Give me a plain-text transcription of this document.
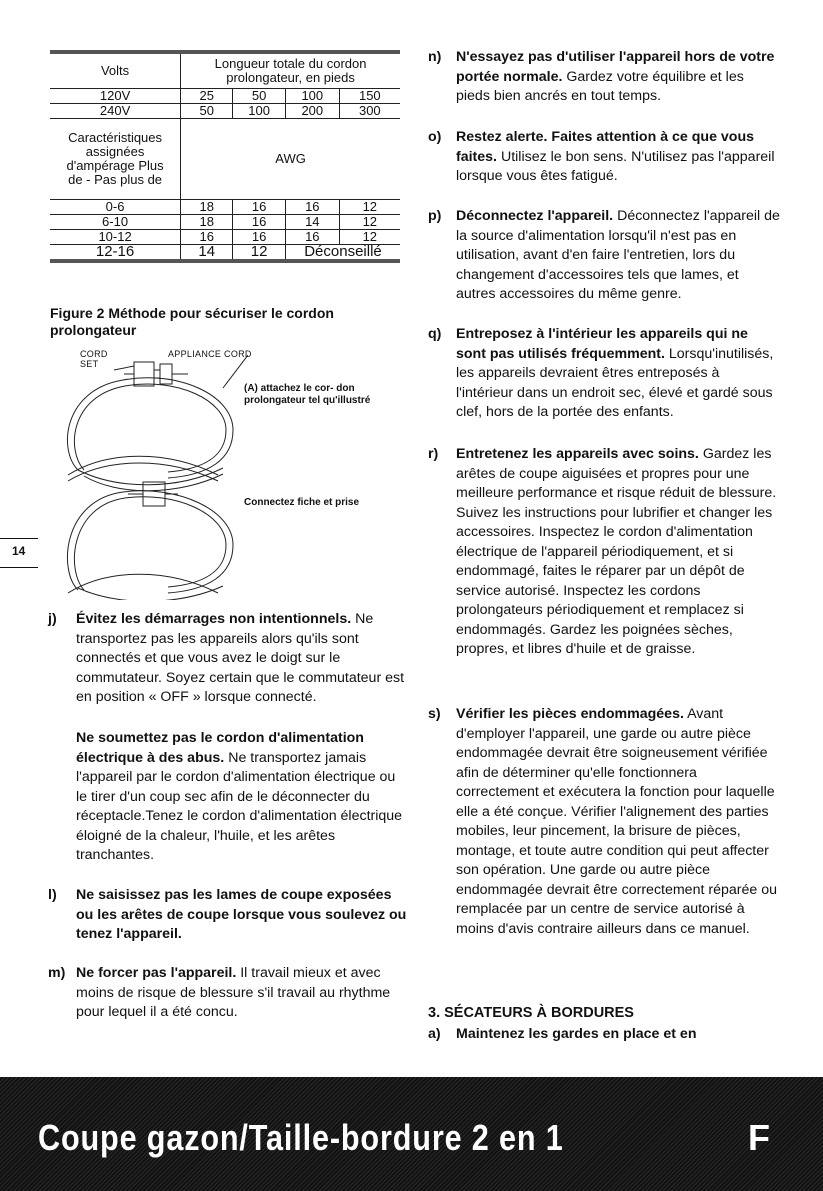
Volts	Longueur totale du cordon prolongateur, en pieds			
120V	25	50	100	150
240V	50	100	200	300
Caractéristiques assignées d'ampérage Plus de - Pas plus de	AWG			
0-6	18	16	16	12
6-10	18	16	14	12
10-12	16	16	16	12
12-16	14	12	Déconseillé	
Figure 2 Méthode pour sécuriser le cordon prolongateur
CORD SET
APPLIANCE CORD
(A) attachez le cor- don prolongateur tel qu'illustré
Connectez fiche et prise
14
j) Évitez les démarrages non intentionnels. Ne transportez pas les appareils alors qu'ils sont connectés et que vous avez le doigt sur le commutateur. Soyez certain que le commutateur est en position « OFF » lorsque connecté.
Ne soumettez pas le cordon d'alimentation électrique à des abus. Ne transportez jamais l'appareil par le cordon d'alimentation électrique ou le tirer d'un coup sec afin de le déconnecter du réceptacle.Tenez le cordon d'alimentation électrique éloigné de la chaleur, l'huile, et les arêtes tranchantes.
l) Ne saisissez pas les lames de coupe exposées ou les arêtes de coupe lorsque vous soulevez ou tenez l'appareil.
m) Ne forcer pas l'appareil. Il travail mieux et avec moins de risque de blessure s'il travail au rhythme pour lequel il a été concu.
n) N'essayez pas d'utiliser l'appareil hors de votre portée normale. Gardez votre équilibre et les pieds bien ancrés en tout temps.
o) Restez alerte. Faites attention à ce que vous faites. Utilisez le bon sens. N'utilisez pas l'appareil lorsque vous êtes fatigué.
p) Déconnectez l'appareil. Déconnectez l'appareil de la source d'alimentation lorsqu'il n'est pas en utilisation, avant d'en faire l'entretien, lors du changement d'accessoires tels que lames, et autres accessoires du même genre.
q) Entreposez à l'intérieur les appareils qui ne sont pas utilisés fréquemment. Lorsqu'inutilisés, les appareils devraient êtres entreposés à l'intérieur dans un endroit sec, élevé et gardé sous clef, hors de la portée des enfants.
r) Entretenez les appareils avec soins. Gardez les arêtes de coupe aiguisées et propres pour une meilleure performance et risque réduit de blessure. Suivez les instructions pour lubrifier et changer les accessoires. Inspectez le cordon d'alimentation électrique de l'appareil périodiquement, et si endommagé, faites le réparer par un dépôt de service autorisé. Inspectez les cordons prolongateurs périodiquement et remplacez si endommagés. Gardez les poignées sèches, propres, et libres d'huile et de graisse.
s) Vérifier les pièces endommagées. Avant d'employer l'appareil, une garde ou autre pièce endommagée devrait être soigneusement vérifiée afin de déterminer qu'elle fonctionnera correctement et exécutera la fonction pour laquelle elle a été conçue. Vérifier l'alignement des parties mobiles, leur pincement, la brisure de pièces, montage, et toute autre condition qui peut affecter son opération. Une garde ou autre pièce endommagée devrait être correctement réparée ou remplacée par un centre de service autorisé à moins d'avis contraire ailleurs dans ce manuel.
3. SÉCATEURS À BORDURES
a) Maintenez les gardes en place et en
Coupe gazon/Taille-bordure 2 en 1	F
